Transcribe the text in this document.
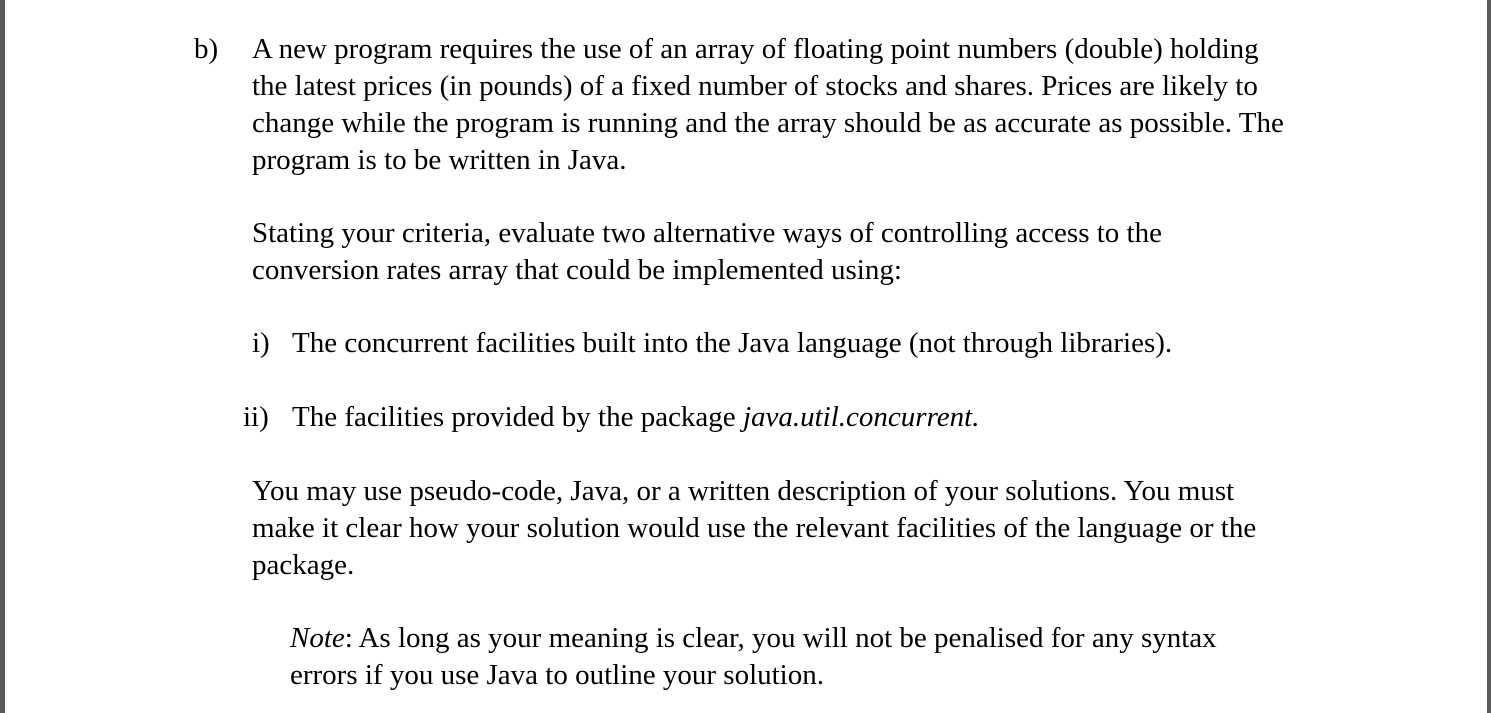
b) A new program requires the use of an array of floating point numbers (double) holding
the latest prices (in pounds) of a fixed number of stocks and shares. Prices are likely to
change while the program is running and the array should be as accurate as possible. The
program is to be written in Java.
Stating your criteria, evaluate two alternative ways of controlling access to the
conversion rates array that could be implemented using:
i) The concurrent facilities built into the Java language (not through libraries).
ii) The facilities provided by the package java.util.concurrent.
You may use pseudo-code, Java, or a written description of your solutions. You must
make it clear how your solution would use the relevant facilities of the language or the
package.
Note: As long as your meaning is clear, you will not be penalised for any syntax
errors if you use Java to outline your solution.
